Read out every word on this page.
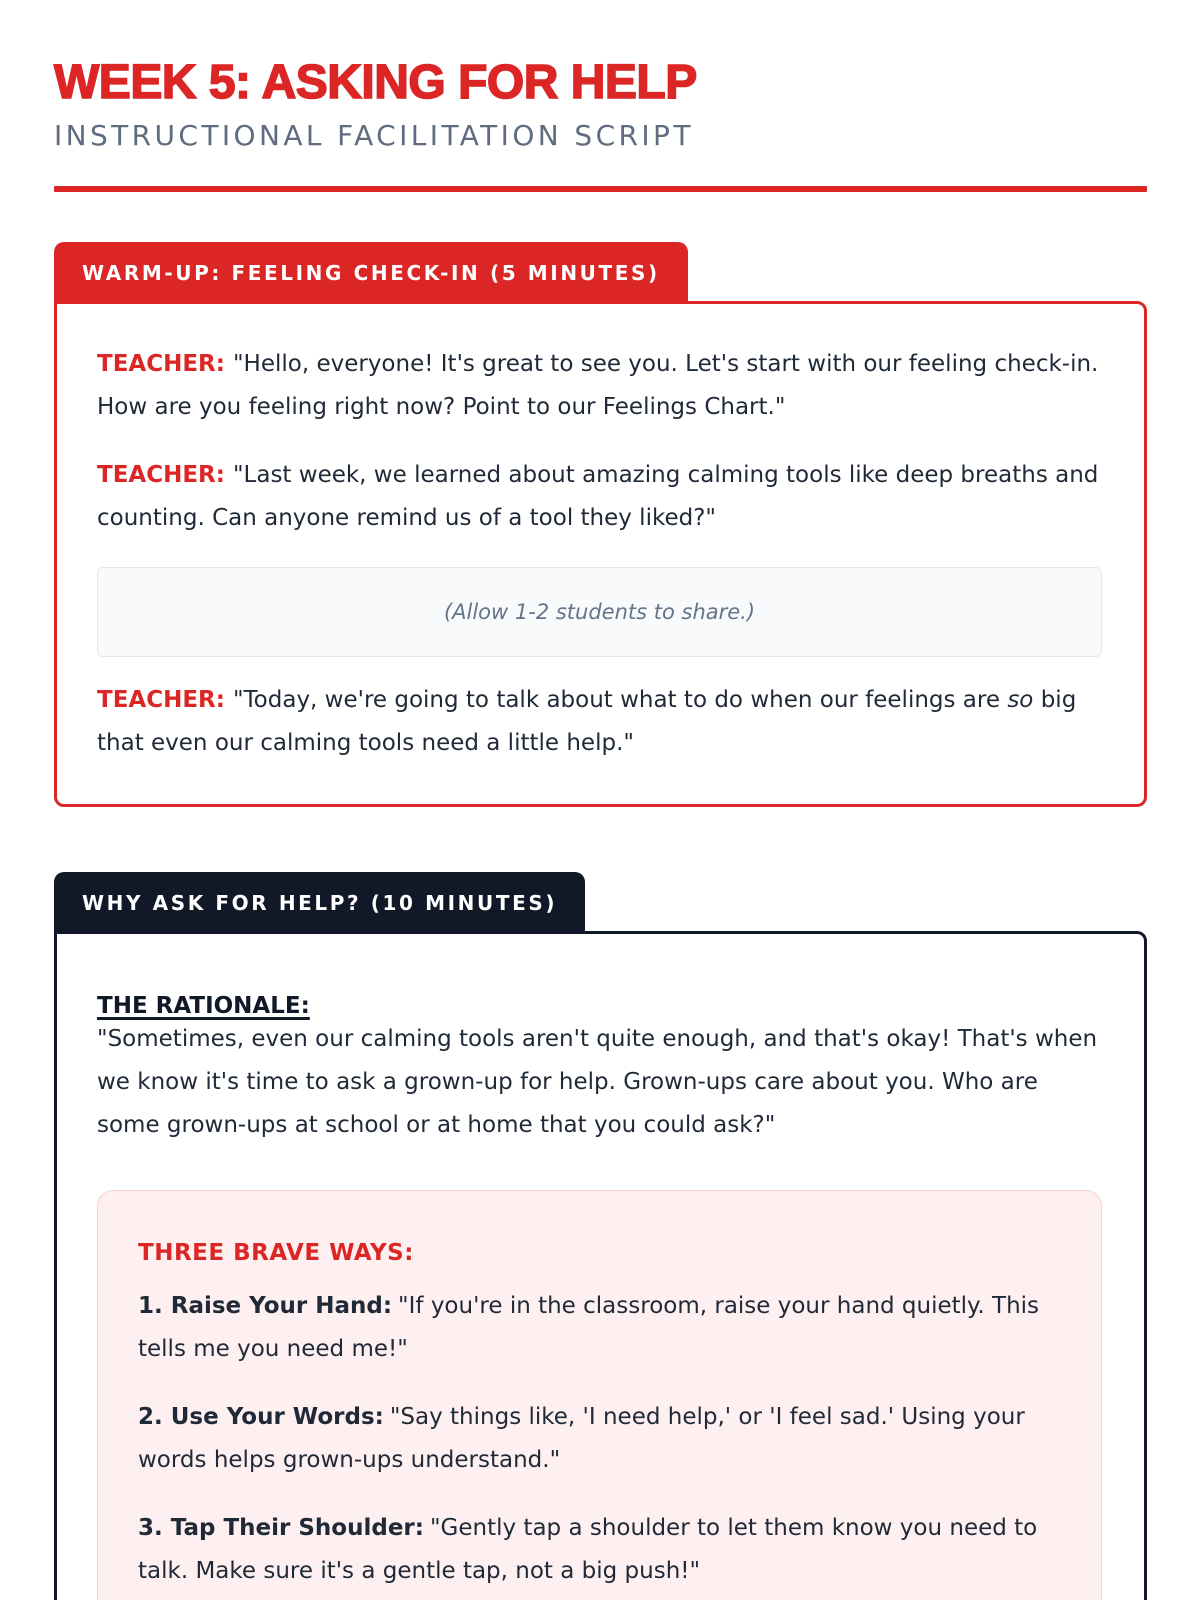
WEEK 5: ASKING FOR HELP
INSTRUCTIONAL FACILITATION SCRIPT
WARM-UP: FEELING CHECK-IN (5 MINUTES)

TEACHER: "Hello, everyone! It's great to see you. Let's start with our feeling check-in. How are you feeling right now? Point to our Feelings Chart."

TEACHER: "Last week, we learned about amazing calming tools like deep breaths and counting. Can anyone remind us of a tool they liked?"

(Allow 1-2 students to share.)

TEACHER: "Today, we're going to talk about what to do when our feelings are so big that even our calming tools need a little help."

WHY ASK FOR HELP? (10 MINUTES)
THE RATIONALE:

"Sometimes, even our calming tools aren't quite enough, and that's okay! That's when we know it's time to ask a grown-up for help. Grown-ups care about you. Who are some grown-ups at school or at home that you could ask?"

THREE BRAVE WAYS:

1. Raise Your Hand: "If you're in the classroom, raise your hand quietly. This tells me you need me!"

2. Use Your Words: "Say things like, 'I need help,' or 'I feel sad.' Using your words helps grown-ups understand."

3. Tap Their Shoulder: "Gently tap a shoulder to let them know you need to talk. Make sure it's a gentle tap, not a big push!"
